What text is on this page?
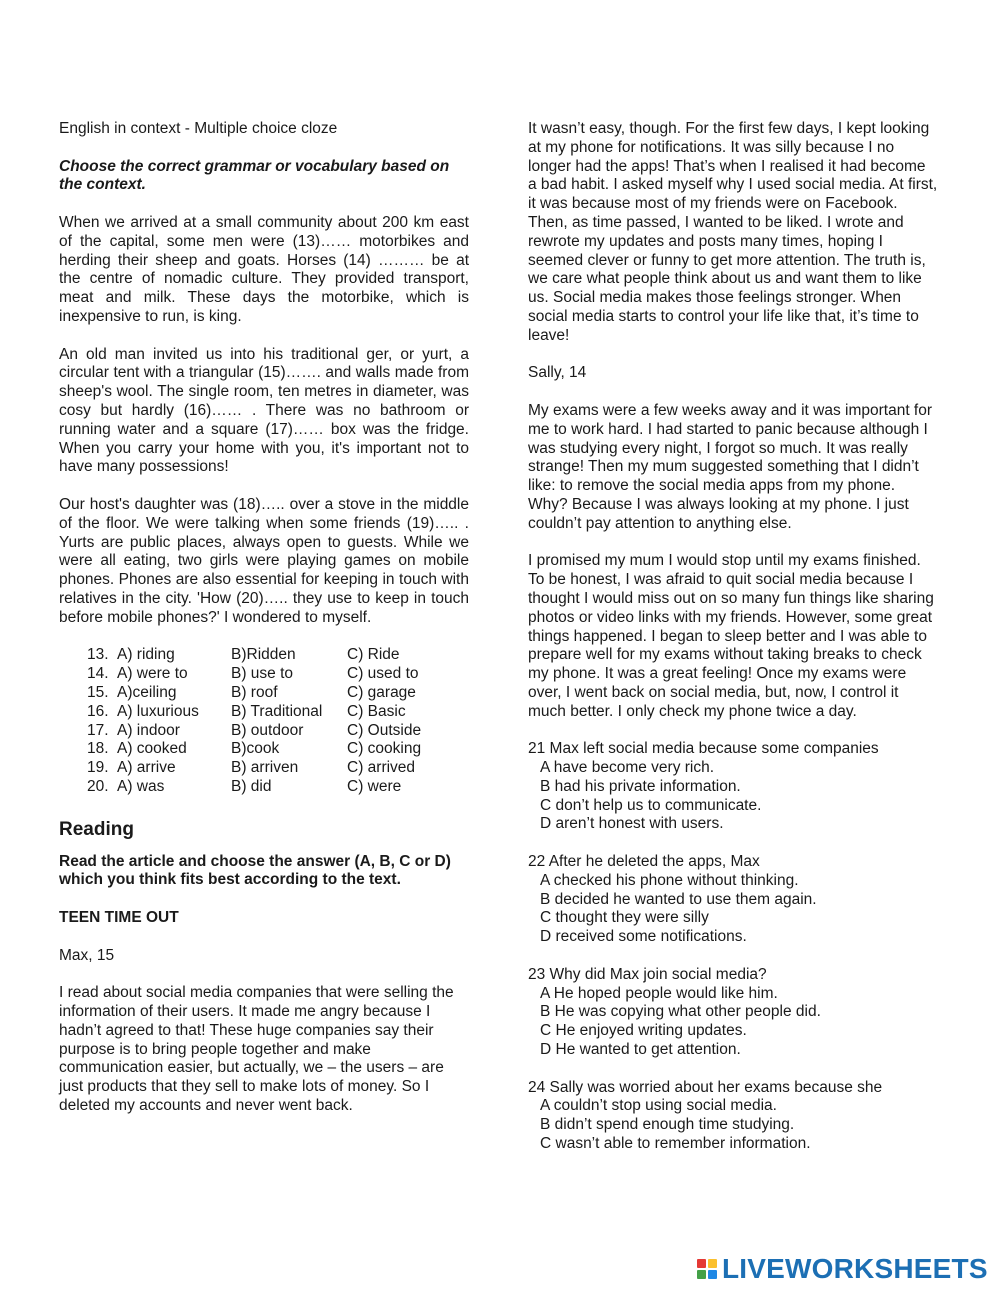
English in context - Multiple choice cloze

Choose the correct grammar or vocabulary based on the context.

When we arrived at a small community about 200 km east of the capital, some men were (13)…… motorbikes and herding their sheep and goats. Horses (14) ……… be at the centre of nomadic culture. They provided transport, meat and milk. These days the motorbike, which is inexpensive to run, is king.

An old man invited us into his traditional ger, or yurt, a circular tent with a triangular (15)……. and walls made from sheep's wool. The single room, ten metres in diameter, was cosy but hardly (16)…… . There was no bathroom or running water and a square (17)…… box was the fridge. When you carry your home with you, it's important not to have many possessions!

Our host's daughter was (18)….. over a stove in the middle of the floor. We were talking when some friends (19)….. . Yurts are public places, always open to guests. While we were all eating, two girls were playing games on mobile phones. Phones are also essential for keeping in touch with relatives in the city. 'How (20)….. they use to keep in touch before mobile phones?' I wondered to myself.

13.	A) riding	B)Ridden	C) Ride
14.	A) were to	B) use to	C) used to
15.	A)ceiling	B) roof	C) garage
16.	A) luxurious	B) Traditional	C) Basic
17.	A) indoor	B) outdoor	C) Outside
18.	A) cooked	B)cook	C) cooking
19.	A) arrive	B) arriven	C) arrived
20.	A) was	B) did	C) were

Reading

Read the article and choose the answer (A, B, C or D) which you think fits best according to the text.

TEEN TIME OUT

Max, 15

I read about social media companies that were selling the information of their users. It made me angry because I hadn’t agreed to that! These huge companies say their purpose is to bring people together and make communication easier, but actually, we – the users – are just products that they sell to make lots of money. So I deleted my accounts and never went back.

It wasn’t easy, though. For the first few days, I kept looking at my phone for notifications. It was silly because I no longer had the apps! That’s when I realised it had become a bad habit. I asked myself why I used social media. At first, it was because most of my friends were on Facebook. Then, as time passed, I wanted to be liked. I wrote and rewrote my updates and posts many times, hoping I seemed clever or funny to get more attention. The truth is, we care what people think about us and want them to like us. Social media makes those feelings stronger. When social media starts to control your life like that, it’s time to leave!

Sally, 14

My exams were a few weeks away and it was important for me to work hard. I had started to panic because although I was studying every night, I forgot so much. It was really strange! Then my mum suggested something that I didn’t like: to remove the social media apps from my phone. Why? Because I was always looking at my phone. I just couldn’t pay attention to anything else.

I promised my mum I would stop until my exams finished. To be honest, I was afraid to quit social media because I thought I would miss out on so many fun things like sharing photos or video links with my friends. However, some great things happened. I began to sleep better and I was able to prepare well for my exams without taking breaks to check my phone. It was a great feeling! Once my exams were over, I went back on social media, but, now, I control it much better. I only check my phone twice a day.

21 Max left social media because some companies

A have become very rich.

B had his private information.

C don’t help us to communicate.

D aren’t honest with users.

22 After he deleted the apps, Max

A checked his phone without thinking.

B decided he wanted to use them again.

C thought they were silly

D received some notifications.

23 Why did Max join social media?

A He hoped people would like him.

B He was copying what other people did.

C He enjoyed writing updates.

D He wanted to get attention.

24 Sally was worried about her exams because she

A couldn’t stop using social media.

B didn’t spend enough time studying.

C wasn’t able to remember information.

LIVEWORKSHEETS
